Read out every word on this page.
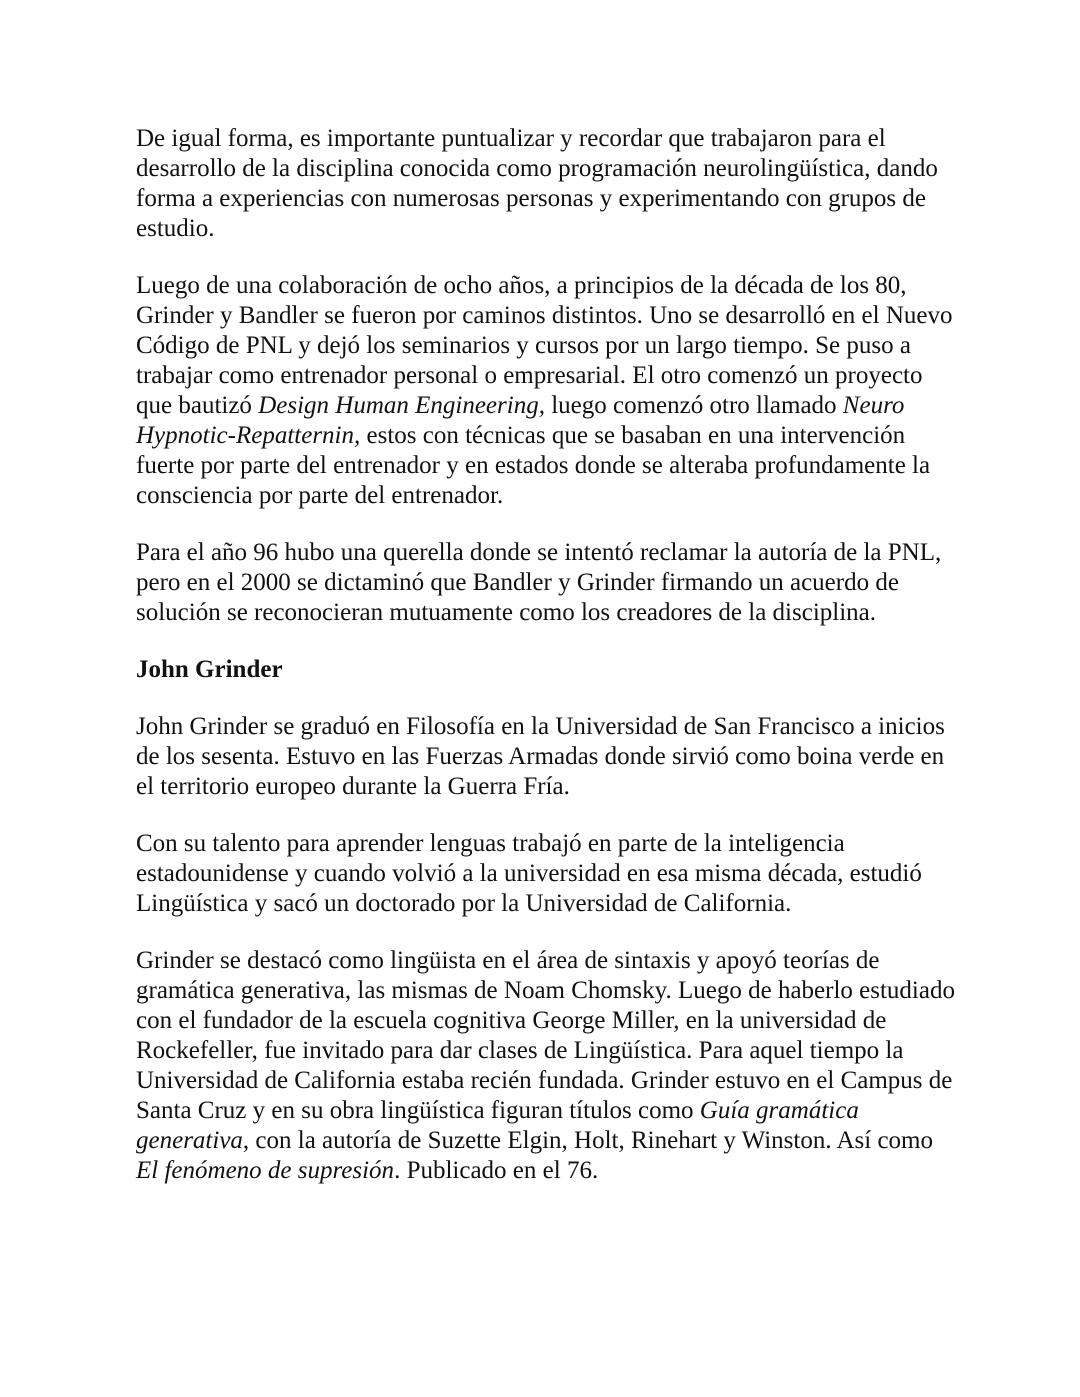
De igual forma, es importante puntualizar y recordar que trabajaron para el desarrollo de la disciplina conocida como programación neurolingüística, dando forma a experiencias con numerosas personas y experimentando con grupos de estudio.

Luego de una colaboración de ocho años, a principios de la década de los 80, Grinder y Bandler se fueron por caminos distintos. Uno se desarrolló en el Nuevo Código de PNL y dejó los seminarios y cursos por un largo tiempo. Se puso a trabajar como entrenador personal o empresarial. El otro comenzó un proyecto que bautizó Design Human Engineering, luego comenzó otro llamado Neuro Hypnotic-Repatternin, estos con técnicas que se basaban en una intervención fuerte por parte del entrenador y en estados donde se alteraba profundamente la consciencia por parte del entrenador.

Para el año 96 hubo una querella donde se intentó reclamar la autoría de la PNL, pero en el 2000 se dictaminó que Bandler y Grinder firmando un acuerdo de solución se reconocieran mutuamente como los creadores de la disciplina.

John Grinder

John Grinder se graduó en Filosofía en la Universidad de San Francisco a inicios de los sesenta. Estuvo en las Fuerzas Armadas donde sirvió como boina verde en el territorio europeo durante la Guerra Fría.

Con su talento para aprender lenguas trabajó en parte de la inteligencia estadounidense y cuando volvió a la universidad en esa misma década, estudió Lingüística y sacó un doctorado por la Universidad de California.

Grinder se destacó como lingüista en el área de sintaxis y apoyó teorías de gramática generativa, las mismas de Noam Chomsky. Luego de haberlo estudiado con el fundador de la escuela cognitiva George Miller, en la universidad de Rockefeller, fue invitado para dar clases de Lingüística. Para aquel tiempo la Universidad de California estaba recién fundada. Grinder estuvo en el Campus de Santa Cruz y en su obra lingüística figuran títulos como Guía gramática generativa, con la autoría de Suzette Elgin, Holt, Rinehart y Winston. Así como El fenómeno de supresión. Publicado en el 76.
